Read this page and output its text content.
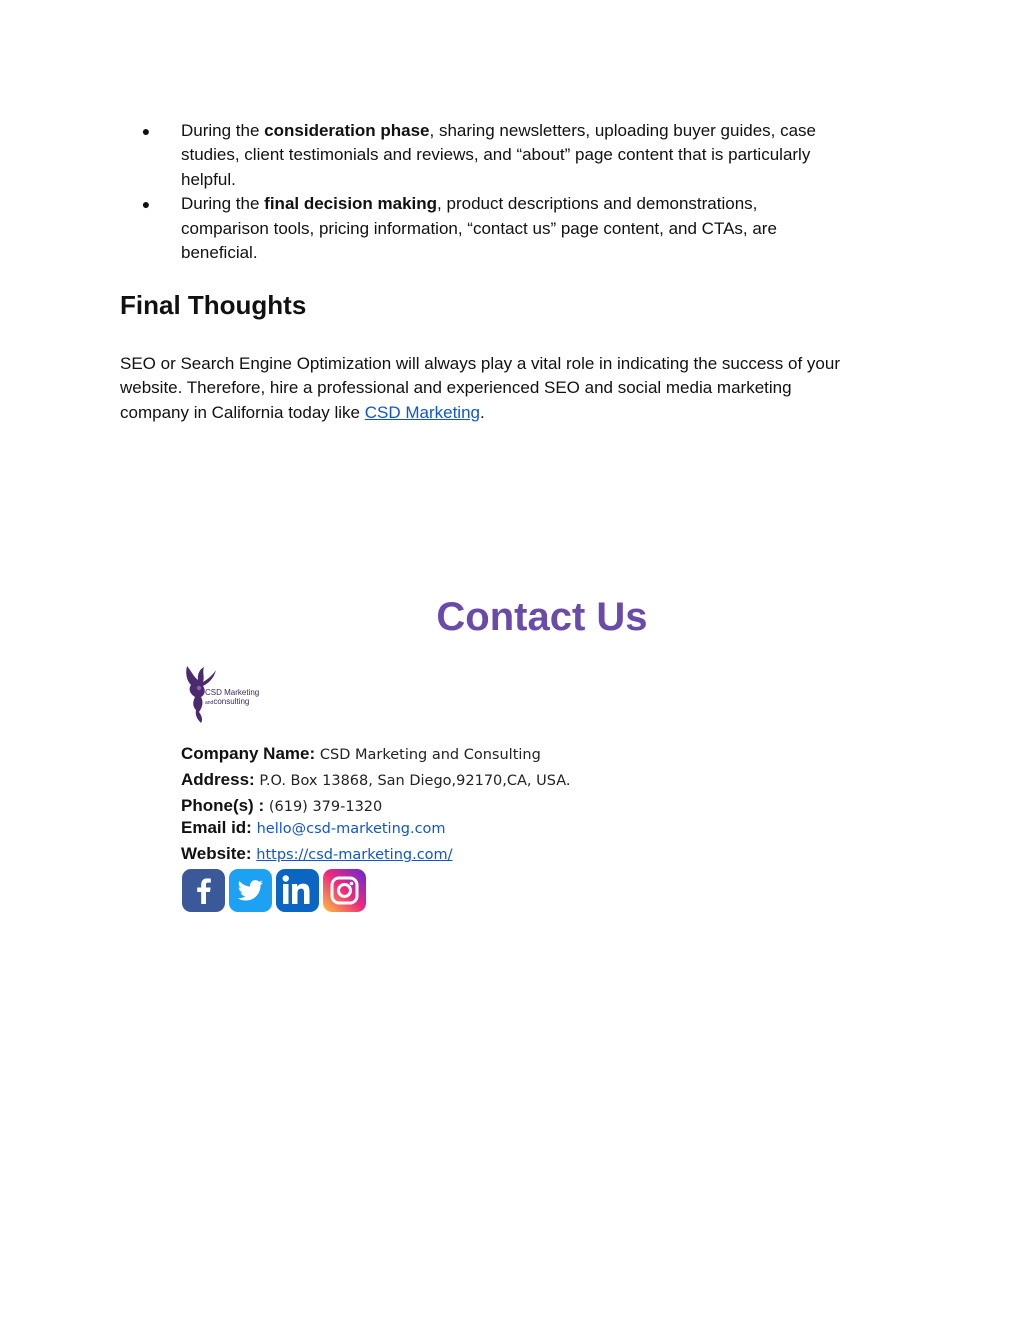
●	During the consideration phase, sharing newsletters, uploading buyer guides, case
studies, client testimonials and reviews, and “about” page content that is particularly
helpful.
●	During the final decision making, product descriptions and demonstrations,
comparison tools, pricing information, “contact us” page content, and CTAs, are
beneficial.
Final Thoughts

SEO or Search Engine Optimization will always play a vital role in indicating the success of your
website. Therefore, hire a professional and experienced SEO and social media marketing
company in California today like CSD Marketing.

Contact Us
CSD Marketing
andconsulting
Company Name: CSD Marketing and Consulting
Address: P.O. Box 13868, San Diego,92170,CA, USA.
Phone(s) : (619) 379-1320
Email id: hello@csd-marketing.com
Website: https://csd-marketing.com/
